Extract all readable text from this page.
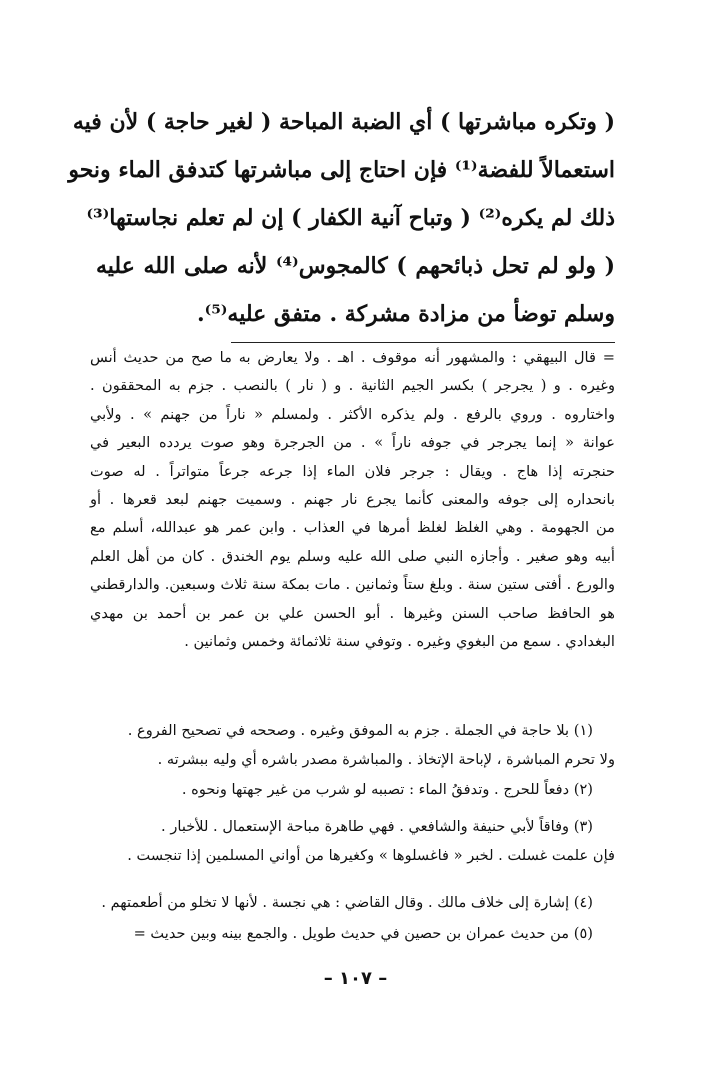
( وتكره مباشرتها ) أي الضبة المباحة ( لغير حاجة ) لأن فيه
استعمالاً للفضة⁽¹⁾ فإن احتاج إلى مباشرتها كتدفق الماء ونحو
ذلك لم يكره⁽²⁾ ( وتباح آنية الكفار ) إن لم تعلم نجاستها⁽³⁾
( ولو لم تحل ذبائحهم ) كالمجوس⁽⁴⁾ لأنه صلى الله عليه
وسلم توضأ من مزادة مشركة . متفق عليه⁽⁵⁾.
= قال البيهقي : والمشهور أنه موقوف . اهـ . ولا يعارض به ما صح من حديث أنس
وغيره . و ( يجرجر ) بكسر الجيم الثانية . و ( نار ) بالنصب . جزم به المحققون .
واختاروه . وروي بالرفع . ولم يذكره الأكثر . ولمسلم « ناراً من جهنم » . ولأبي
عوانة « إنما يجرجر في جوفه ناراً » . من الجرجرة وهو صوت يردده البعير في
حنجرته إذا هاج . ويقال : جرجر فلان الماء إذا جرعه جرعاً متواتراً . له صوت
بانحداره إلى جوفه والمعنى كأنما يجرع نار جهنم . وسميت جهنم لبعد قعرها . أو
من الجهومة . وهي الغلظ لغلظ أمرها في العذاب . وابن عمر هو عبدالله، أسلم مع
أبيه وهو صغير . وأجازه النبي صلى الله عليه وسلم يوم الخندق . كان من أهل العلم
والورع . أفتى ستين سنة . وبلغ ستاً وثمانين . مات بمكة سنة ثلاث وسبعين. والدارقطني
هو الحافظ صاحب السنن وغيرها . أبو الحسن علي بن عمر بن أحمد بن مهدي
البغدادي . سمع من البغوي وغيره . وتوفي سنة ثلاثمائة وخمس وثمانين .
(١) بلا حاجة في الجملة . جزم به الموفق وغيره . وصححه في تصحيح الفروع .
ولا تحرم المباشرة ، لإباحة الإتخاذ . والمباشرة مصدر باشره أي وليه ببشرته .
(٢) دفعاً للحرج . وتدفقُ الماء : تصببه لو شرب من غير جهتها ونحوه .
(٣) وفاقاً لأبي حنيفة والشافعي . فهي طاهرة مباحة الإستعمال . للأخبار .
فإن علمت غسلت . لخبر « فاغسلوها » وكغيرها من أواني المسلمين إذا تنجست .
(٤) إشارة إلى خلاف مالك . وقال القاضي : هي نجسة . لأنها لا تخلو من أطعمتهم .
(٥) من حديث عمران بن حصين في حديث طويل . والجمع بينه وبين حديث =
– ١٠٧ –
